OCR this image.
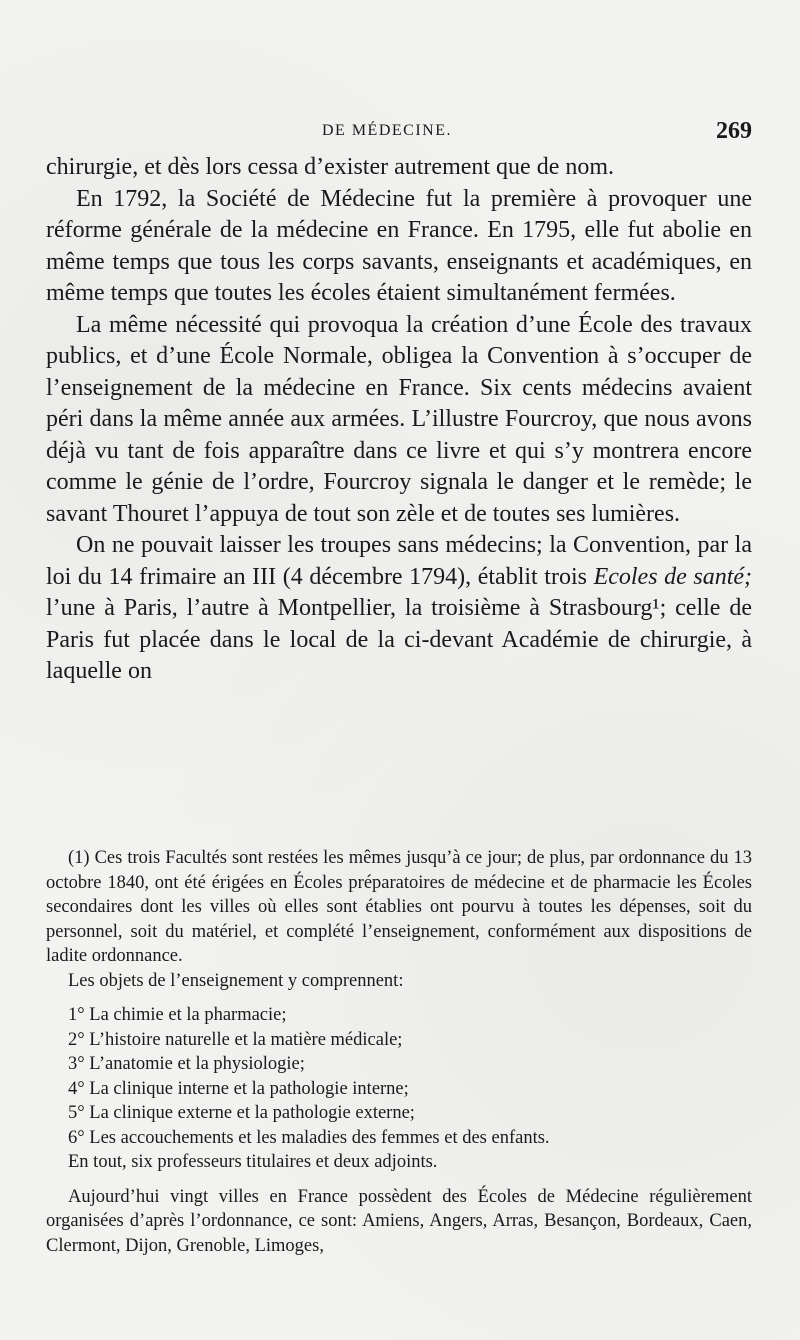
DE MÉDECINE.	269

chirurgie, et dès lors cessa d’exister autrement que de nom.

En 1792, la Société de Médecine fut la première à provoquer une réforme générale de la médecine en France. En 1795, elle fut abolie en même temps que tous les corps savants, enseignants et académiques, en même temps que toutes les écoles étaient simultanément fermées.

La même nécessité qui provoqua la création d’une École des travaux publics, et d’une École Normale, obligea la Convention à s’occuper de l’enseignement de la médecine en France. Six cents médecins avaient péri dans la même année aux armées. L’illustre Fourcroy, que nous avons déjà vu tant de fois apparaître dans ce livre et qui s’y montrera encore comme le génie de l’ordre, Fourcroy signala le danger et le remède; le savant Thouret l’appuya de tout son zèle et de toutes ses lumières.

On ne pouvait laisser les troupes sans médecins; la Convention, par la loi du 14 frimaire an III (4 décembre 1794), établit trois Ecoles de santé; l’une à Paris, l’autre à Montpellier, la troisième à Strasbourg¹; celle de Paris fut placée dans le local de la ci-devant Académie de chirurgie, à laquelle on

(1) Ces trois Facultés sont restées les mêmes jusqu’à ce jour; de plus, par ordonnance du 13 octobre 1840, ont été érigées en Écoles préparatoires de médecine et de pharmacie les Écoles secondaires dont les villes où elles sont établies ont pourvu à toutes les dépenses, soit du personnel, soit du matériel, et complété l’enseignement, conformément aux dispositions de ladite ordonnance.

Les objets de l’enseignement y comprennent:

1° La chimie et la pharmacie;
2° L’histoire naturelle et la matière médicale;
3° L’anatomie et la physiologie;
4° La clinique interne et la pathologie interne;
5° La clinique externe et la pathologie externe;
6° Les accouchements et les maladies des femmes et des enfants.

En tout, six professeurs titulaires et deux adjoints.

Aujourd’hui vingt villes en France possèdent des Écoles de Médecine régulièrement organisées d’après l’ordonnance, ce sont: Amiens, Angers, Arras, Besançon, Bordeaux, Caen, Clermont, Dijon, Grenoble, Limoges,
